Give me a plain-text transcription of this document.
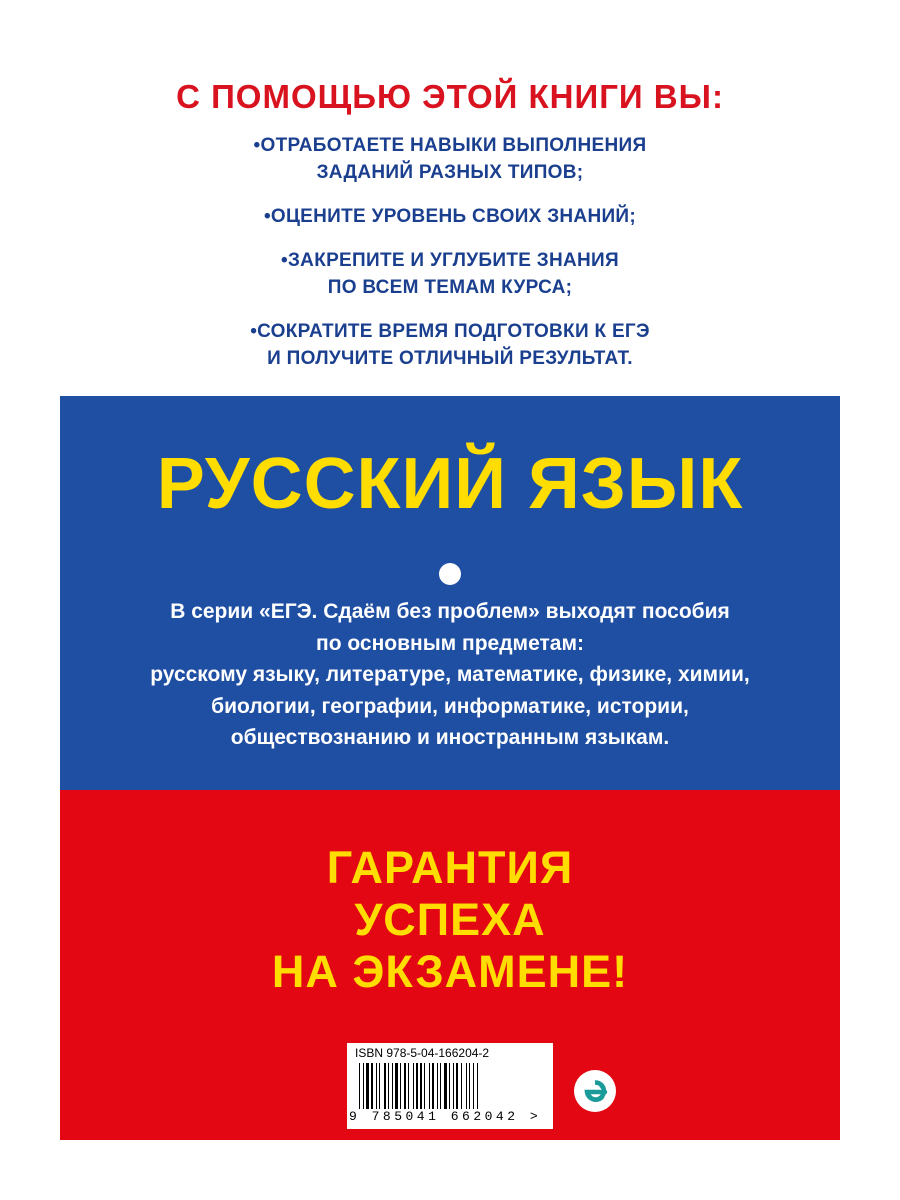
С ПОМОЩЬЮ ЭТОЙ КНИГИ ВЫ:
•ОТРАБОТАЕТЕ НАВЫКИ ВЫПОЛНЕНИЯ
ЗАДАНИЙ РАЗНЫХ ТИПОВ;
•ОЦЕНИТЕ УРОВЕНЬ СВОИХ ЗНАНИЙ;
•ЗАКРЕПИТЕ И УГЛУБИТЕ ЗНАНИЯ
ПО ВСЕМ ТЕМАМ КУРСА;
•СОКРАТИТЕ ВРЕМЯ ПОДГОТОВКИ К ЕГЭ
И ПОЛУЧИТЕ ОТЛИЧНЫЙ РЕЗУЛЬТАТ.
РУССКИЙ ЯЗЫК
В серии «ЕГЭ. Сдаём без проблем» выходят пособия
по основным предметам:
русскому языку, литературе, математике, физике, химии,
биологии, географии, информатике, истории,
обществознанию и иностранным языкам.
ГАРАНТИЯ
УСПЕХА
НА ЭКЗАМЕНЕ!
ISBN 978-5-04-166204-2
9 785041 662042 >
